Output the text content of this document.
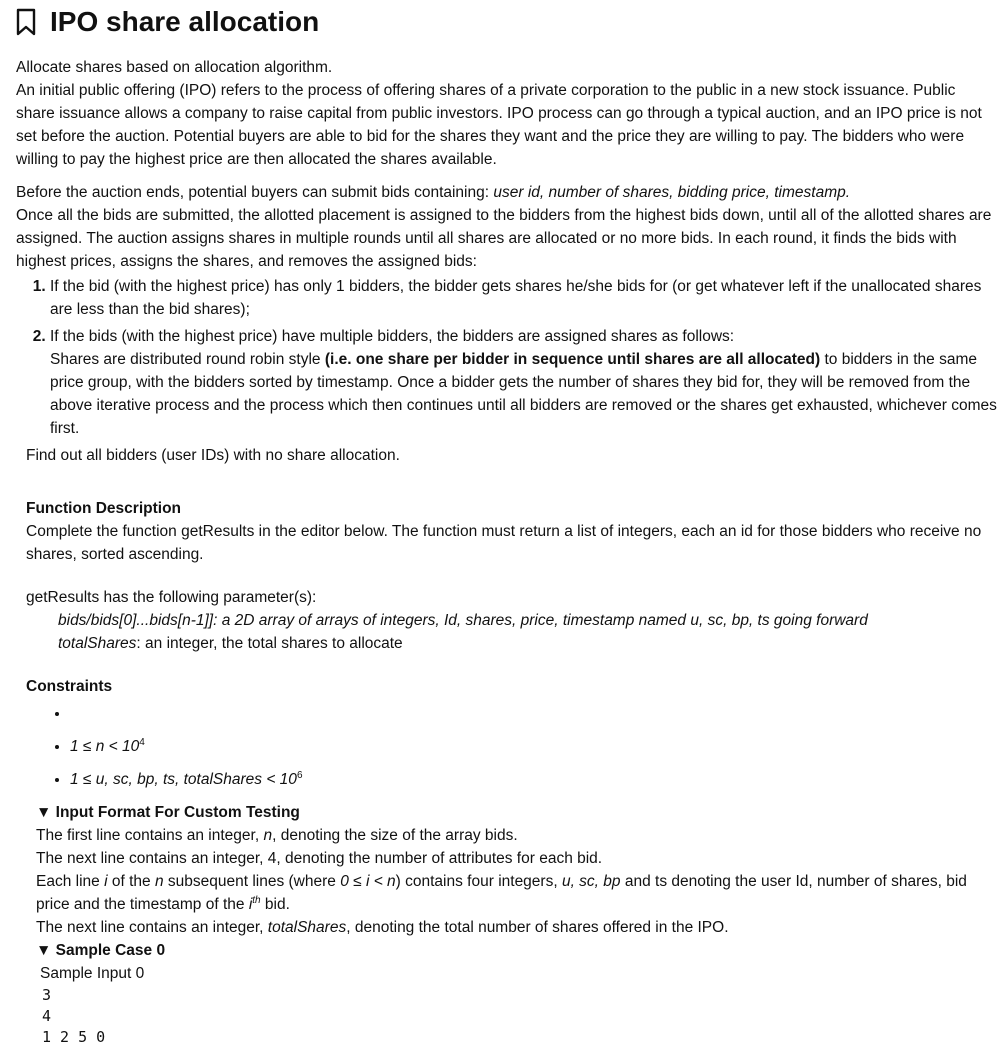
IPO share allocation

Allocate shares based on allocation algorithm.

An initial public offering (IPO) refers to the process of offering shares of a private corporation to the public in a new stock issuance. Public share issuance allows a company to raise capital from public investors. IPO process can go through a typical auction, and an IPO price is not set before the auction. Potential buyers are able to bid for the shares they want and the price they are willing to pay. The bidders who were willing to pay the highest price are then allocated the shares available.

Before the auction ends, potential buyers can submit bids containing: user id, number of shares, bidding price, timestamp.

Once all the bids are submitted, the allotted placement is assigned to the bidders from the highest bids down, until all of the allotted shares are assigned. The auction assigns shares in multiple rounds until all shares are allocated or no more bids. In each round, it finds the bids with highest prices, assigns the shares, and removes the assigned bids:

1. If the bid (with the highest price) has only 1 bidders, the bidder gets shares he/she bids for (or get whatever left if the unallocated shares are less than the bid shares);
2. If the bids (with the highest price) have multiple bidders, the bidders are assigned shares as follows:
Shares are distributed round robin style (i.e. one share per bidder in sequence until shares are all allocated) to bidders in the same price group, with the bidders sorted by timestamp. Once a bidder gets the number of shares they bid for, they will be removed from the above iterative process and the process which then continues until all bidders are removed or the shares get exhausted, whichever comes first.

Find out all bidders (user IDs) with no share allocation.

Function Description

Complete the function getResults in the editor below. The function must return a list of integers, each an id for those bidders who receive no shares, sorted ascending.

getResults has the following parameter(s):

bids/bids[0]...bids[n-1]]: a 2D array of arrays of integers, Id, shares, price, timestamp named u, sc, bp, ts going forward

totalShares: an integer, the total shares to allocate

Constraints

•
• $1 \le n < 10^4$
• 1 ≤ u, sc, bp, ts, totalShares < $10^6$

▼ Input Format For Custom Testing

The first line contains an integer, n, denoting the size of the array bids.

The next line contains an integer, 4, denoting the number of attributes for each bid.

Each line i of the n subsequent lines (where 0 ≤ i < n) contains four integers, u, sc, bp and ts denoting the user Id, number of shares, bid price and the timestamp of the $i^{th}$ bid.

The next line contains an integer, totalShares, denoting the total number of shares offered in the IPO.

▼ Sample Case 0

Sample Input 0

3
4
1 2 5 0
